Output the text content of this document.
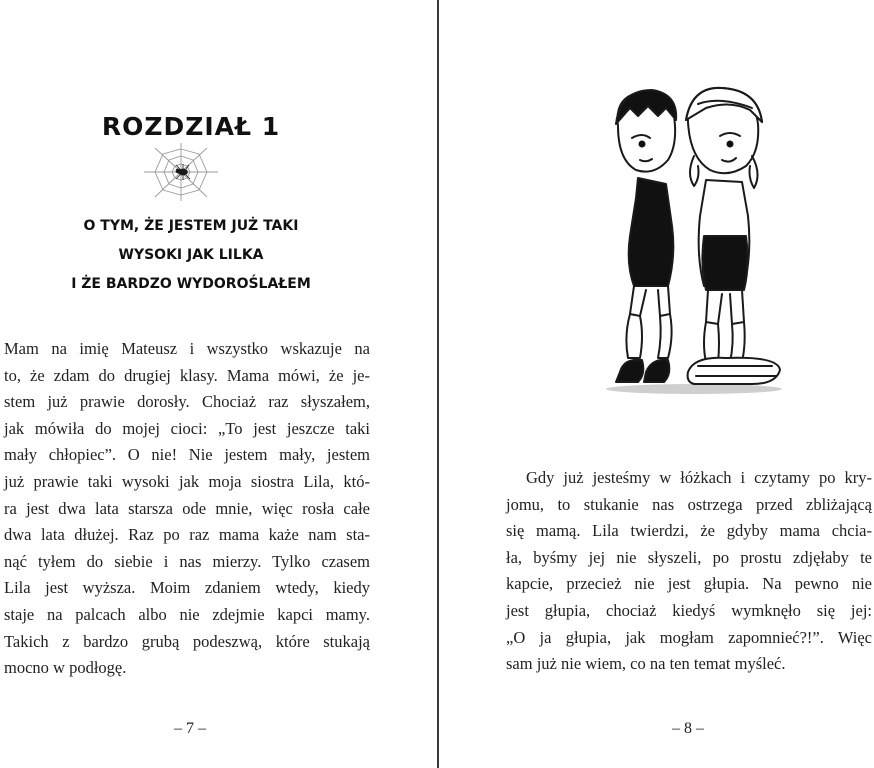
ROZDZIAŁ 1
O TYM, ŻE JESTEM JUŻ TAKI
WYSOKI JAK LILKA
I ŻE BARDZO WYDOROŚLAŁEM
Mam na imię Mateusz i wszystko wskazuje na
to, że zdam do drugiej klasy. Mama mówi, że je-
stem już prawie dorosły. Chociaż raz słyszałem,
jak mówiła do mojej cioci: „To jest jeszcze taki
mały chłopiec”. O nie! Nie jestem mały, jestem
już prawie taki wysoki jak moja siostra Lila, któ-
ra jest dwa lata starsza ode mnie, więc rosła całe
dwa lata dłużej. Raz po raz mama każe nam sta-
nąć tyłem do siebie i nas mierzy. Tylko czasem
Lila jest wyższa. Moim zdaniem wtedy, kiedy
staje na palcach albo nie zdejmie kapci mamy.
Takich z bardzo grubą podeszwą, które stukają
mocno w podłogę.
– 7 –
Gdy już jesteśmy w łóżkach i czytamy po kry-
jomu, to stukanie nas ostrzega przed zbliżającą
się mamą. Lila twierdzi, że gdyby mama chcia-
ła, byśmy jej nie słyszeli, po prostu zdjęłaby te
kapcie, przecież nie jest głupia. Na pewno nie
jest głupia, chociaż kiedyś wymknęło się jej:
„O ja głupia, jak mogłam zapomnieć?!”. Więc
sam już nie wiem, co na ten temat myśleć.
– 8 –
